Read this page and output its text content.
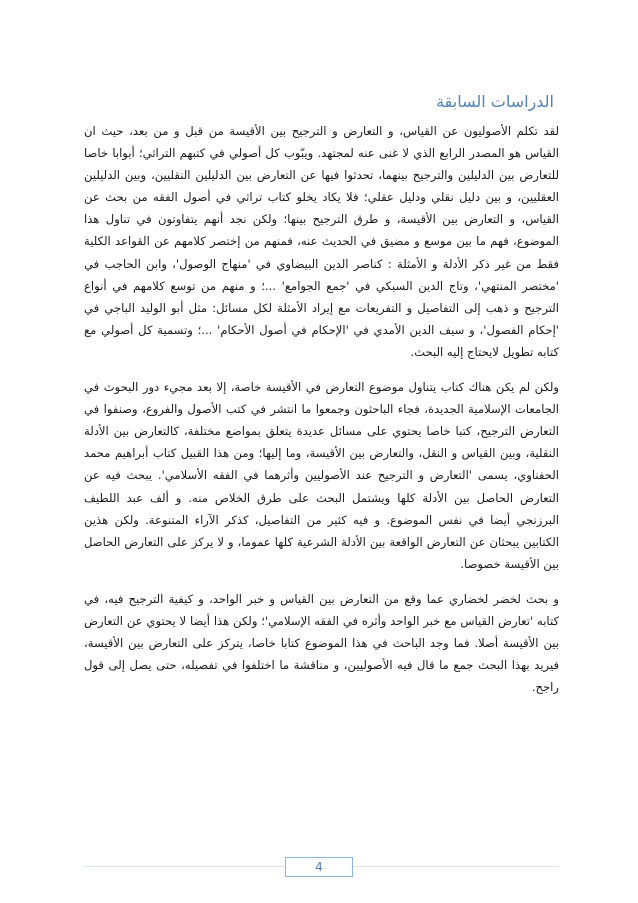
الدراسات السابقة

لقد تكلم الأصوليون عن القياس، و التعارض و الترجيح بين الأقيسة من قبل و من بعد، حيث ان القياس هو المصدر الرابع الذي لا غنى عنه لمجتهد. ويبّوب كل أصولي في كتبهم التراثي؛ أبوابا خاصا للتعارض بين الدليلين والترجيح بينهما، تحدثوا فيها عن التعارض بين الدليلين النقليين، وبين الدليلين العقليين، و بين دليل نقلي ودليل عقلي؛ فلا يكاد يخلو كتاب تراثي في أصول الفقه من بحث عن القياس، و التعارض بين الأقيسة، و طرق الترجيح بينها؛ ولكن نجد أنهم يتفاوتون في تناول هذا الموضوع، فهم ما بين موسع و مضيق في الحديث عنه، فمنهم من إختصر كلامهم عن القواعد الكلية فقط من غير ذكر الأدلة و الأمثلة : كناصر الدين البيضاوي في 'منهاج الوصول'، وابن الحاجب في 'مختصر المنتهي'، وتاج الدين السبكي في 'جمع الجوامع' ...؛ و منهم من توسع كلامهم في أنواع الترجيح و ذهب إلى التفاصيل و التفريعات مع إيراد الأمثلة لكل مسائل: مثل أبو الوليد الباجي في 'إحكام الفصول'، و سيف الدين الأمدي في 'الإحكام في أصول الأحكام' ...؛ وتسمية كل أصولي مع كتابه تطويل لايحتاج إليه البحث.

ولكن لم يكن هناك كتاب يتناول موضوع التعارض في الأقيسة خاصة، إلا بعد مجيء دور البحوث في الجامعات الإسلامية الجديدة، فجاء الباحثون وجمعوا ما انتشر في كتب الأصول والفروع، وصنفوا في التعارض الترجيح، كتبا خاصا يحتوي على مسائل عديدة يتعلق بمواضع مختلفة، كالتعارض بين الأدلة النقلية، وبين القياس و النقل، والتعارض بين الأقيسة، وما إليها؛ ومن هذا القبيل كتاب أبراهيم محمد الحفناوي، يسمى 'التعارض و الترجيح عند الأصوليين وأثرهما في الفقه الأسلامي'. يبحث فيه عن التعارض الحاصل بين الأدلة كلها ويشتمل البحث على طرق الخلاص منه. و ألف عبد اللطيف البرزنجي أيضا في نفس الموضوع. و فيه كثير من التفاصيل، كذكر الآراء المتنوعة. ولكن هذين الكتابين يبحثان عن التعارض الواقعة بين الأدلة الشرعية كلها عموما، و لا يركز على التعارض الحاصل بين الأقيسة خصوصا.

و بحث لخضر لخضاري عما وقع من التعارض بين القياس و خبر الواحد، و كيفية الترجيح فيه، في كتابه 'تعارض القياس مع خبر الواحد وأثره في الفقه الإسلامي'؛ ولكن هذا أيضا لا يحتوي عن التعارض بين الأقيسة أصلا. فما وجد الباحث في هذا الموضوع كتابا خاصا، يتركز على التعارض بين الأقيسة، فيريد بهذا البحث جمع ما قال فيه الأصوليين، و مناقشة ما اختلفوا في تفصيله، حتى يصل إلى قول راجح.

4
